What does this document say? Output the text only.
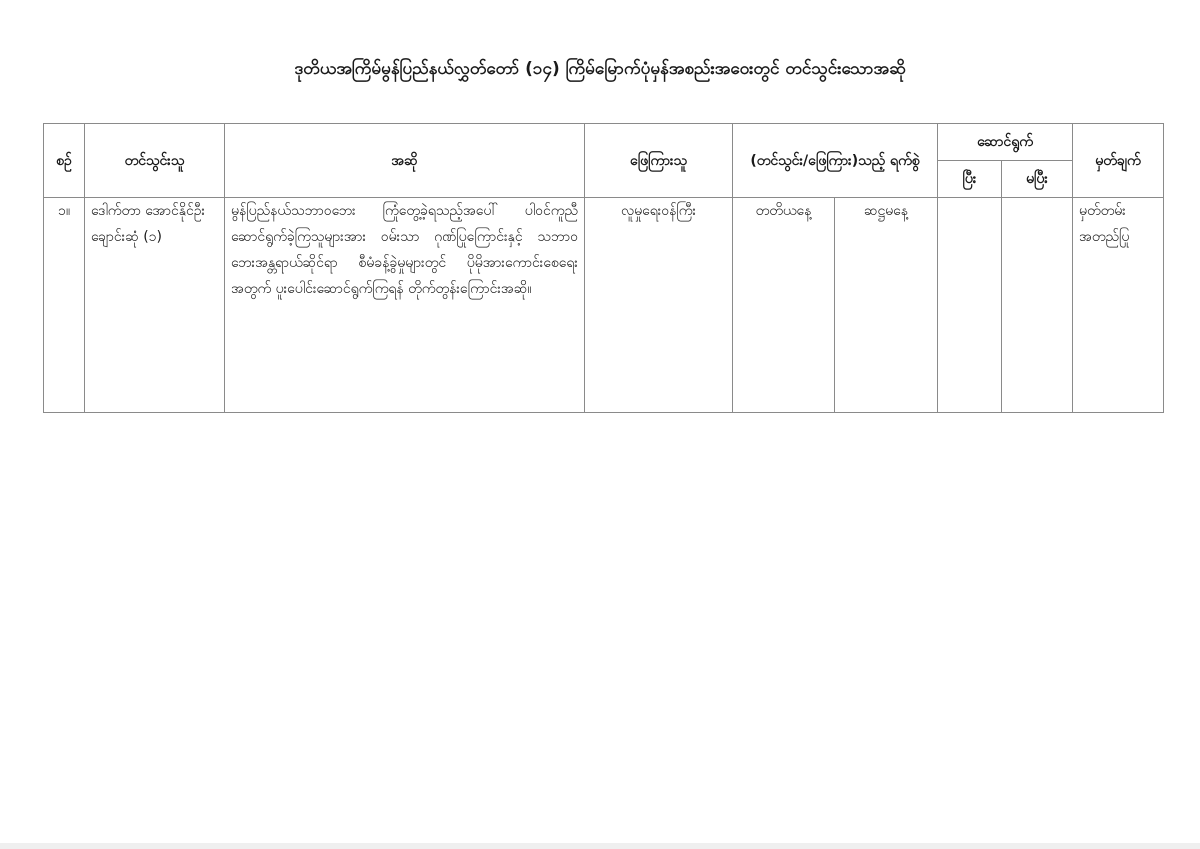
ဒုတိယအကြိမ်မွန်ပြည်နယ်လွှတ်တော် (၁၄) ကြိမ်မြောက်ပုံမှန်အစည်းအဝေးတွင် တင်သွင်းသောအဆို
စဉ်	တင်သွင်းသူ	အဆို	ဖြေကြားသူ	(တင်သွင်း/ဖြေကြား)သည့် ရက်စွဲ		ဆောင်ရွက်		မှတ်ချက်
						ပြီး	မပြီး	
၁။	ဒေါက်တာ အောင်နိုင်ဦး ချောင်းဆုံ (၁)	မွန်ပြည်နယ်သဘာဝဘေး ကြုံတွေ့ခဲ့ရသည့်အပေါ် ပါဝင်ကူညီဆောင်ရွက်ခဲ့ကြသူများအား ဝမ်းသာ ဂုဏ်ပြုကြောင်းနှင့် သဘာဝဘေးအန္တရာယ်ဆိုင်ရာ စီမံခန့်ခွဲမှုများတွင် ပိုမိုအားကောင်းစေရေးအတွက် ပူးပေါင်းဆောင်ရွက်ကြရန် တိုက်တွန်းကြောင်းအဆို။	လူမှုရေးဝန်ကြီး	တတိယနေ့	ဆဋ္ဌမနေ့			မှတ်တမ်း အတည်ပြု
